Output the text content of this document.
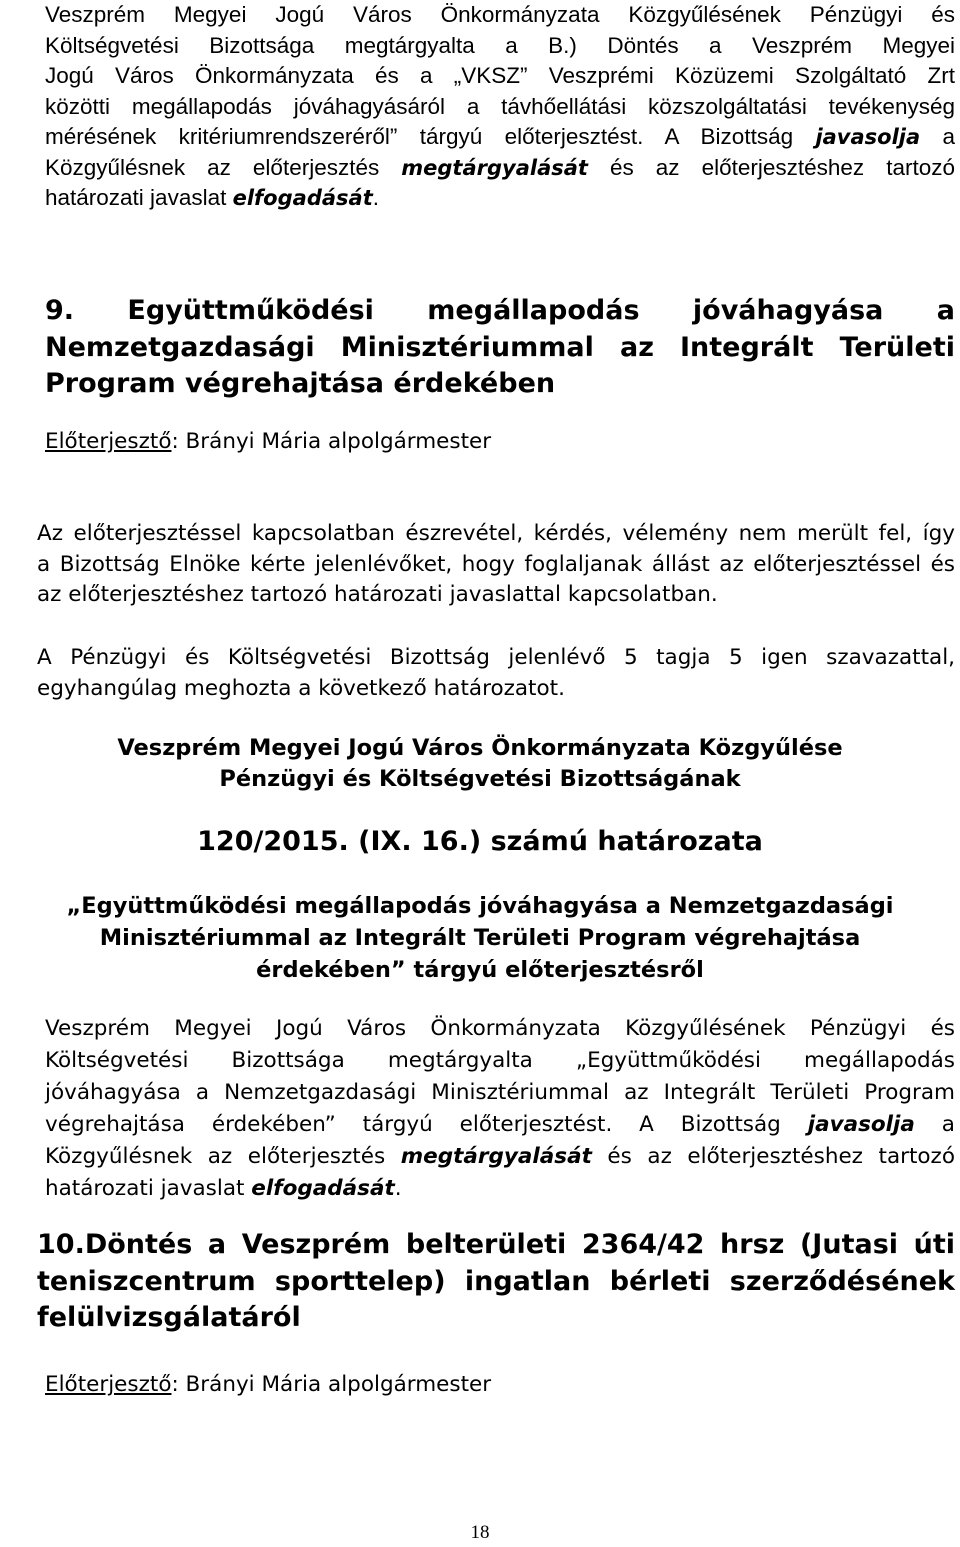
Veszprém Megyei Jogú Város Önkormányzata Közgyűlésének Pénzügyi és
Költségvetési Bizottsága megtárgyalta a B.) Döntés a Veszprém Megyei
Jogú Város Önkormányzata és a „VKSZ” Veszprémi Közüzemi Szolgáltató Zrt
közötti megállapodás jóváhagyásáról a távhőellátási közszolgáltatási tevékenység
mérésének kritériumrendszeréről” tárgyú előterjesztést. A Bizottság javasolja a
Közgyűlésnek az előterjesztés megtárgyalását és az előterjesztéshez tartozó
határozati javaslat elfogadását.
9. Együttműködési megállapodás jóváhagyása a
Nemzetgazdasági Minisztériummal az Integrált Területi
Program végrehajtása érdekében
Előterjesztő: Brányi Mária alpolgármester
Az előterjesztéssel kapcsolatban észrevétel, kérdés, vélemény nem merült fel, így
a Bizottság Elnöke kérte jelenlévőket, hogy foglaljanak állást az előterjesztéssel és
az előterjesztéshez tartozó határozati javaslattal kapcsolatban.
A Pénzügyi és Költségvetési Bizottság jelenlévő 5 tagja 5 igen szavazattal,
egyhangúlag meghozta a következő határozatot.
Veszprém Megyei Jogú Város Önkormányzata Közgyűlése
Pénzügyi és Költségvetési Bizottságának
120/2015. (IX. 16.) számú határozata
„Együttműködési megállapodás jóváhagyása a Nemzetgazdasági
Minisztériummal az Integrált Területi Program végrehajtása
érdekében” tárgyú előterjesztésről
Veszprém Megyei Jogú Város Önkormányzata Közgyűlésének Pénzügyi és
Költségvetési Bizottsága megtárgyalta „Együttműködési megállapodás
jóváhagyása a Nemzetgazdasági Minisztériummal az Integrált Területi Program
végrehajtása érdekében” tárgyú előterjesztést. A Bizottság javasolja a
Közgyűlésnek az előterjesztés megtárgyalását és az előterjesztéshez tartozó
határozati javaslat elfogadását.
10.Döntés a Veszprém belterületi 2364/42 hrsz (Jutasi úti
teniszcentrum sporttelep) ingatlan bérleti szerződésének
felülvizsgálatáról
Előterjesztő: Brányi Mária alpolgármester
18
